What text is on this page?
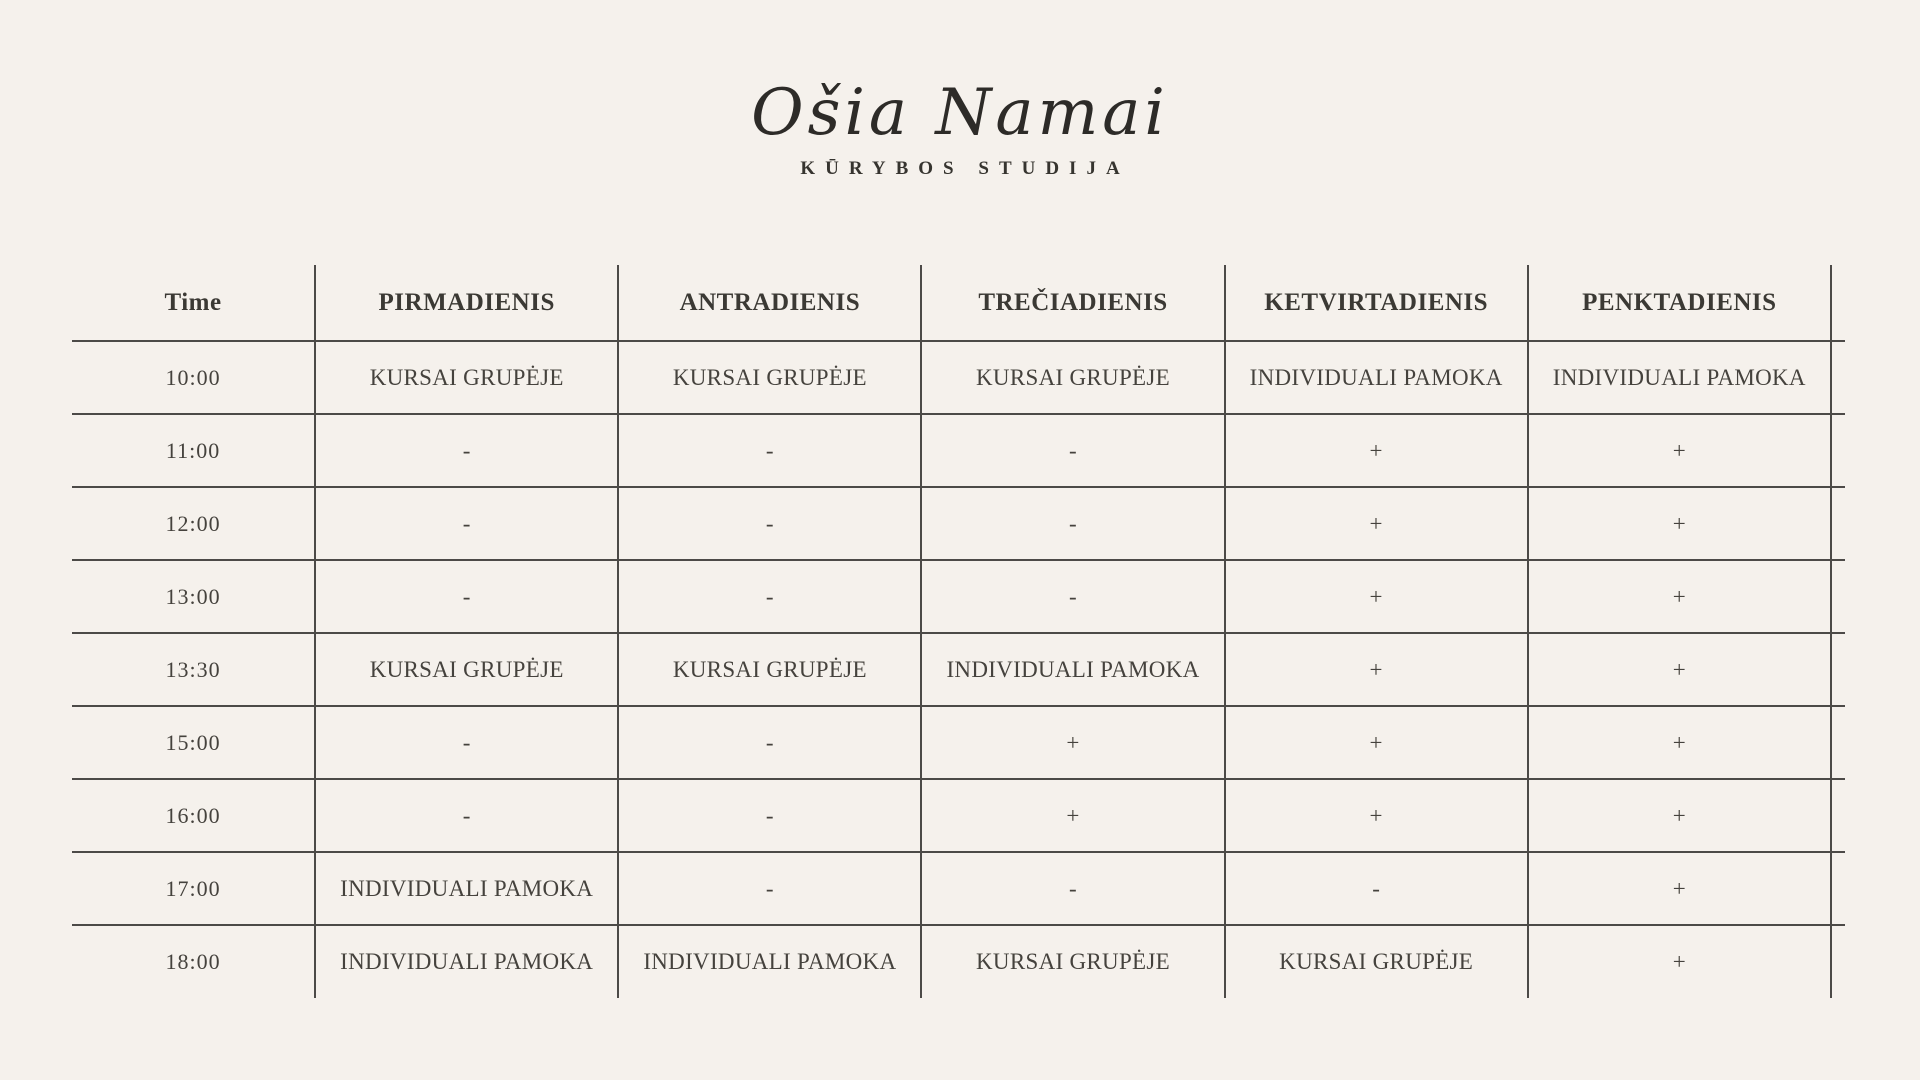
Ošia Namai
KŪRYBOS STUDIJA
Time	PIRMADIENIS	ANTRADIENIS	TREČIADIENIS	KETVIRTADIENIS	PENKTADIENIS	
10:00	KURSAI GRUPĖJE	KURSAI GRUPĖJE	KURSAI GRUPĖJE	INDIVIDUALI PAMOKA	INDIVIDUALI PAMOKA	
11:00	-	-	-	+	+	
12:00	-	-	-	+	+	
13:00	-	-	-	+	+	
13:30	KURSAI GRUPĖJE	KURSAI GRUPĖJE	INDIVIDUALI PAMOKA	+	+	
15:00	-	-	+	+	+	
16:00	-	-	+	+	+	
17:00	INDIVIDUALI PAMOKA	-	-	-	+	
18:00	INDIVIDUALI PAMOKA	INDIVIDUALI PAMOKA	KURSAI GRUPĖJE	KURSAI GRUPĖJE	+	
